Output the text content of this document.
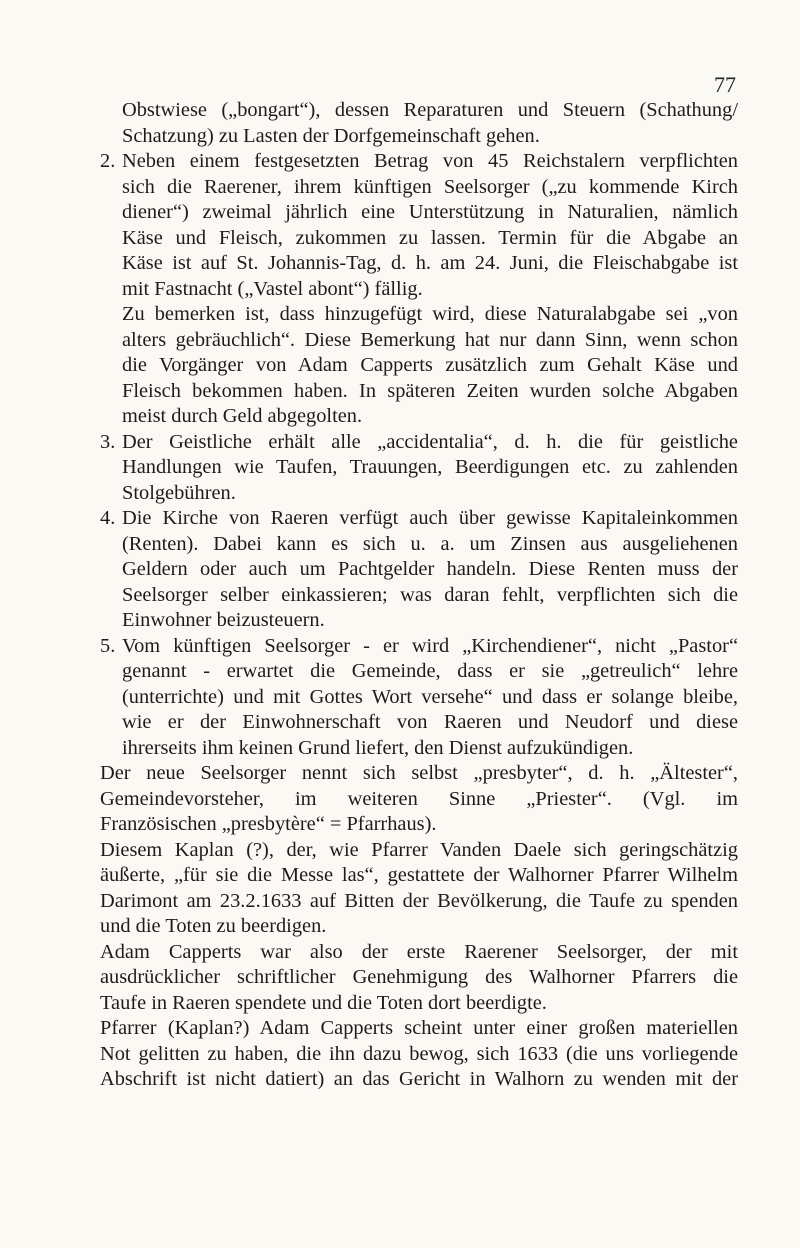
77
Obstwiese („bongart“), dessen Reparaturen und Steuern (Schathung/
Schatzung) zu Lasten der Dorfgemeinschaft gehen.
2. Neben einem festgesetzten Betrag von 45 Reichstalern verpflichten
sich die Raerener, ihrem künftigen Seelsorger („zu kommende Kirch
diener“) zweimal jährlich eine Unterstützung in Naturalien, nämlich
Käse und Fleisch, zukommen zu lassen. Termin für die Abgabe an
Käse ist auf St. Johannis-Tag, d. h. am 24. Juni, die Fleischabgabe ist
mit Fastnacht („Vastel abont“) fällig.
Zu bemerken ist, dass hinzugefügt wird, diese Naturalabgabe sei „von
alters gebräuchlich“. Diese Bemerkung hat nur dann Sinn, wenn schon
die Vorgänger von Adam Capperts zusätzlich zum Gehalt Käse und
Fleisch bekommen haben. In späteren Zeiten wurden solche Abgaben
meist durch Geld abgegolten.
3. Der Geistliche erhält alle „accidentalia“, d. h. die für geistliche
Handlungen wie Taufen, Trauungen, Beerdigungen etc. zu zahlenden
Stolgebühren.
4. Die Kirche von Raeren verfügt auch über gewisse Kapitaleinkommen
(Renten). Dabei kann es sich u. a. um Zinsen aus ausgeliehenen
Geldern oder auch um Pachtgelder handeln. Diese Renten muss der
Seelsorger selber einkassieren; was daran fehlt, verpflichten sich die
Einwohner beizusteuern.
5. Vom künftigen Seelsorger - er wird „Kirchendiener“, nicht „Pastor“
genannt - erwartet die Gemeinde, dass er sie „getreulich“ lehre
(unterrichte) und mit Gottes Wort versehe“ und dass er solange bleibe,
wie er der Einwohnerschaft von Raeren und Neudorf und diese
ihrerseits ihm keinen Grund liefert, den Dienst aufzukündigen.
Der neue Seelsorger nennt sich selbst „presbyter“, d. h. „Ältester“,
Gemeindevorsteher, im weiteren Sinne „Priester“. (Vgl. im
Französischen „presbytère“ = Pfarrhaus).
Diesem Kaplan (?), der, wie Pfarrer Vanden Daele sich geringschätzig
äußerte, „für sie die Messe las“, gestattete der Walhorner Pfarrer Wilhelm
Darimont am 23.2.1633 auf Bitten der Bevölkerung, die Taufe zu spenden
und die Toten zu beerdigen.
Adam Capperts war also der erste Raerener Seelsorger, der mit
ausdrücklicher schriftlicher Genehmigung des Walhorner Pfarrers die
Taufe in Raeren spendete und die Toten dort beerdigte.
Pfarrer (Kaplan?) Adam Capperts scheint unter einer großen materiellen
Not gelitten zu haben, die ihn dazu bewog, sich 1633 (die uns vorliegende
Abschrift ist nicht datiert) an das Gericht in Walhorn zu wenden mit der
